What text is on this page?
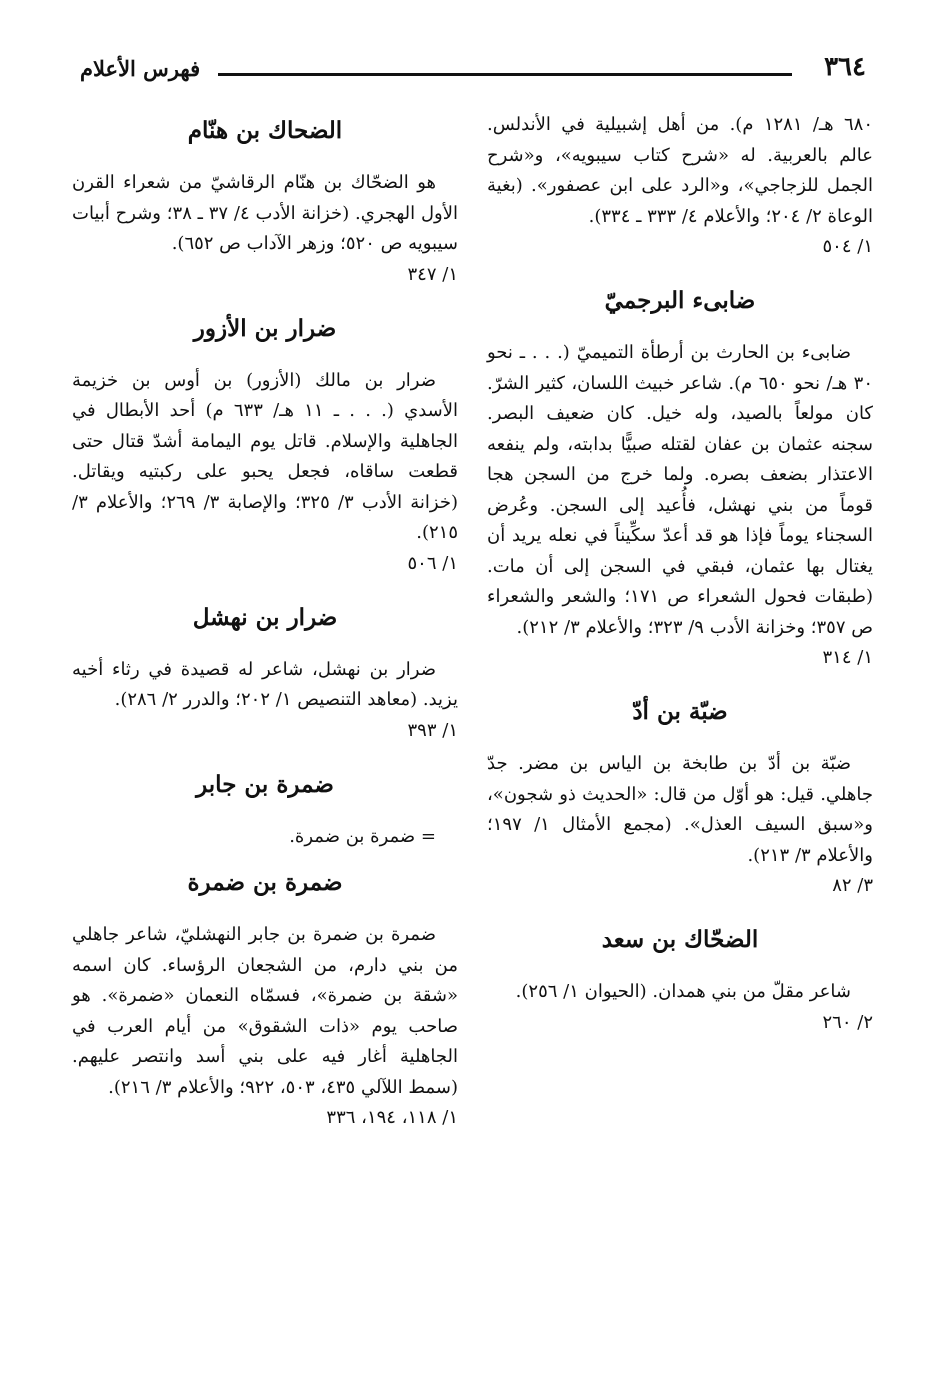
٣٦٤
فهرس الأعلام

٦٨٠ هـ/ ١٢٨١ م). من أهل إشبيلية في الأندلس. عالم بالعربية. له «شرح كتاب سيبويه»، و«شرح الجمل للزجاجي»، و«الرد على ابن عصفور». (بغية الوعاة ٢/ ٢٠٤؛ والأعلام ٤/ ٣٣٣ ـ ٣٣٤).

١/ ٥٠٤

ضابىء البرجميّ

ضابىء بن الحارث بن أرطأة التميميّ (. . . ـ نحو ٣٠ هـ/ نحو ٦٥٠ م). شاعر خبيث اللسان، كثير الشرّ. كان مولعاً بالصيد، وله خيل. كان ضعيف البصر. سجنه عثمان بن عفان لقتله صبيًّا بدابته، ولم ينفعه الاعتذار بضعف بصره. ولما خرج من السجن هجا قوماً من بني نهشل، فأُعيد إلى السجن. وعُرض السجناء يوماً فإذا هو قد أعدّ سكِّيناً في نعله يريد أن يغتال بها عثمان، فبقي في السجن إلى أن مات. (طبقات فحول الشعراء ص ١٧١؛ والشعر والشعراء ص ٣٥٧؛ وخزانة الأدب ٩/ ٣٢٣؛ والأعلام ٣/ ٢١٢).

١/ ٣١٤

ضبّة بن أدّ

ضبّة بن أدّ بن طابخة بن الياس بن مضر. جدّ جاهلي. قيل: هو أوّل من قال: «الحديث ذو شجون»، و«سبق السيف العذل». (مجمع الأمثال ١/ ١٩٧؛ والأعلام ٣/ ٢١٣).

٣/ ٨٢

الضحّاك بن سعد

شاعر مقلّ من بني همدان. (الحيوان ١/ ٢٥٦).

٢/ ٢٦٠

الضحاك بن هنّام

هو الضحّاك بن هنّام الرقاشيّ من شعراء القرن الأول الهجري. (خزانة الأدب ٤/ ٣٧ ـ ٣٨؛ وشرح أبيات سيبويه ص ٥٢٠؛ وزهر الآداب ص ٦٥٢).

١/ ٣٤٧

ضرار بن الأزور

ضرار بن مالك (الأزور) بن أوس بن خزيمة الأسدي (. . . ـ ١١ هـ/ ٦٣٣ م) أحد الأبطال في الجاهلية والإسلام. قاتل يوم اليمامة أشدّ قتال حتى قطعت ساقاه، فجعل يحبو على ركبتيه ويقاتل. (خزانة الأدب ٣/ ٣٢٥؛ والإصابة ٣/ ٢٦٩؛ والأعلام ٣/ ٢١٥).

١/ ٥٠٦

ضرار بن نهشل

ضرار بن نهشل، شاعر له قصيدة في رثاء أخيه يزيد. (معاهد التنصيص ١/ ٢٠٢؛ والدرر ٢/ ٢٨٦).

١/ ٣٩٣

ضمرة بن جابر

= ضمرة بن ضمرة.

ضمرة بن ضمرة

ضمرة بن ضمرة بن جابر النهشليّ، شاعر جاهلي من بني دارم، من الشجعان الرؤساء. كان اسمه «شقة بن ضمرة»، فسمّاه النعمان «ضمرة». هو صاحب يوم «ذات الشقوق» من أيام العرب في الجاهلية أغار فيه على بني أسد وانتصر عليهم. (سمط اللآلي ٤٣٥، ٥٠٣، ٩٢٢؛ والأعلام ٣/ ٢١٦).

١/ ١١٨، ١٩٤، ٣٣٦
